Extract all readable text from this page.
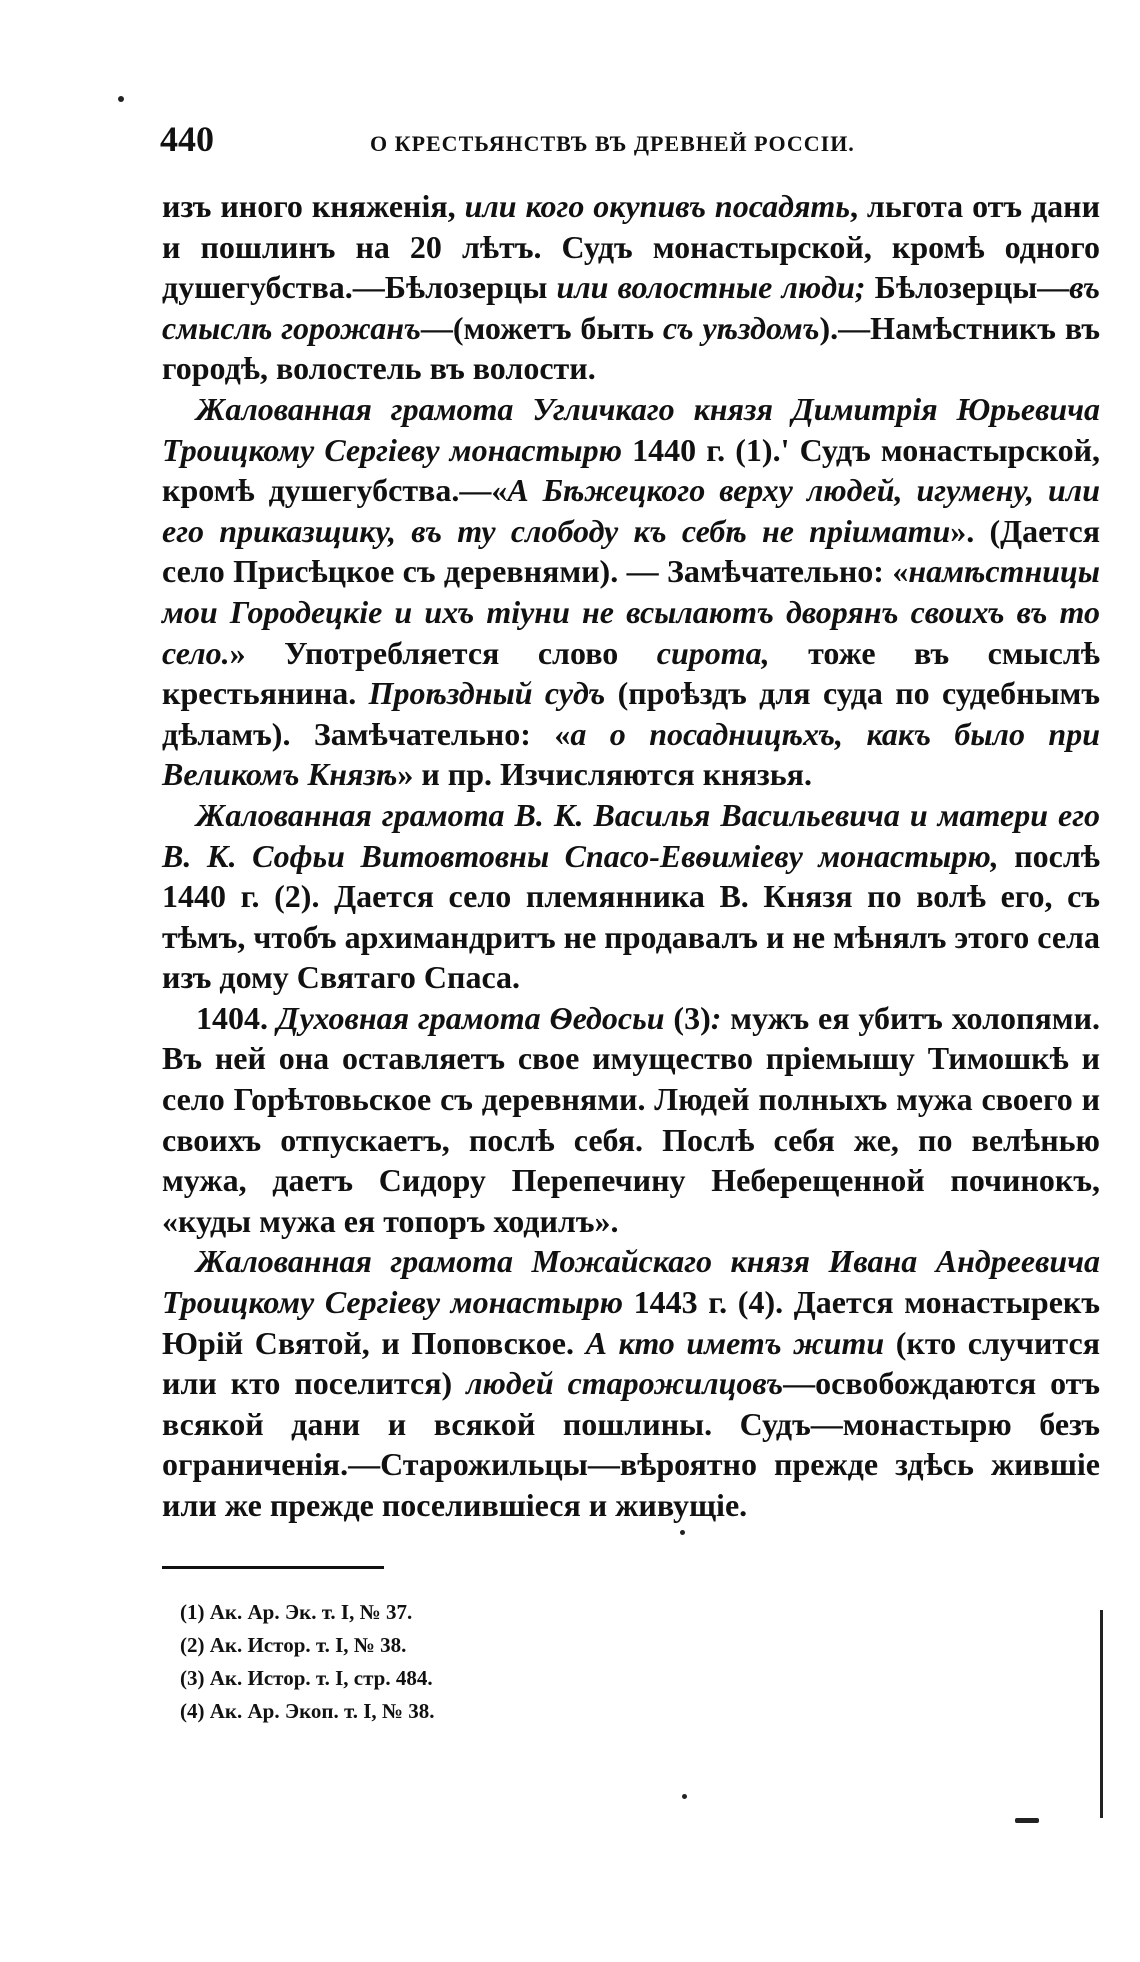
440	О КРЕСТЬЯНСТВЪ ВЪ ДРЕВНЕЙ РОССІИ.

изъ иного княженія, или кого окупивъ посадять, льгота отъ дани и пошлинъ на 20 лѣтъ. Судъ монастырской, кромѣ одного душегубства.—Бѣлозерцы или волостные люди; Бѣлозерцы—въ смыслѣ горожанъ—(можетъ быть съ уѣздомъ).—Намѣстникъ въ городѣ, волостель въ волости.

Жалованная грамота Угличкаго князя Димитрія Юрьевича Троицкому Сергіеву монастырю 1440 г. (1).' Судъ монастырской, кромѣ душегубства.—«А Бѣжецкого верху людей, игумену, или его приказщику, въ ту слободу къ себѣ не пріимати». (Дается село Присѣцкое съ деревнями). — Замѣчательно: «намѣстницы мои Городецкіе и ихъ тіуни не всылаютъ дворянъ своихъ въ то село.» Употребляется слово сирота, тоже въ смыслѣ крестьянина. Проѣздный судъ (проѣздъ для суда по судебнымъ дѣламъ). Замѣчательно: «а о посадницѣхъ, какъ было при Великомъ Князѣ» и пр. Изчисляются князья.

Жалованная грамота В. К. Василья Васильевича и матери его В. К. Софьи Витовтовны Спасо-Евѳиміеву монастырю, послѣ 1440 г. (2). Дается село племянника В. Князя по волѣ его, съ тѣмъ, чтобъ архимандритъ не продавалъ и не мѣнялъ этого села изъ дому Святаго Спаса.

1404. Духовная грамота Ѳедосьи (3): мужъ ея убитъ холопями. Въ ней она оставляетъ свое имущество пріемышу Тимошкѣ и село Горѣтовьское съ деревнями. Людей полныхъ мужа своего и своихъ отпускаетъ, послѣ себя. Послѣ себя же, по велѣнью мужа, даетъ Сидору Перепечину Неберещенной починокъ, «куды мужа ея топоръ ходилъ».

Жалованная грамота Можайскаго князя Ивана Андреевича Троицкому Сергіеву монастырю 1443 г. (4). Дается монастырекъ Юрій Святой, и Поповское. А кто иметъ жити (кто случится или кто поселится) людей старожилцовъ—освобождаются отъ всякой дани и всякой пошлины. Судъ—монастырю безъ ограниченія.—Старожильцы—вѣроятно прежде здѣсь жившіе или же прежде поселившіеся и живущіе.

(1) Ак. Ар. Эк. т. I, № 37.
(2) Ак. Истор. т. I, № 38.
(3) Ак. Истор. т. I, стр. 484.
(4) Ак. Ар. Экоп. т. I, № 38.
